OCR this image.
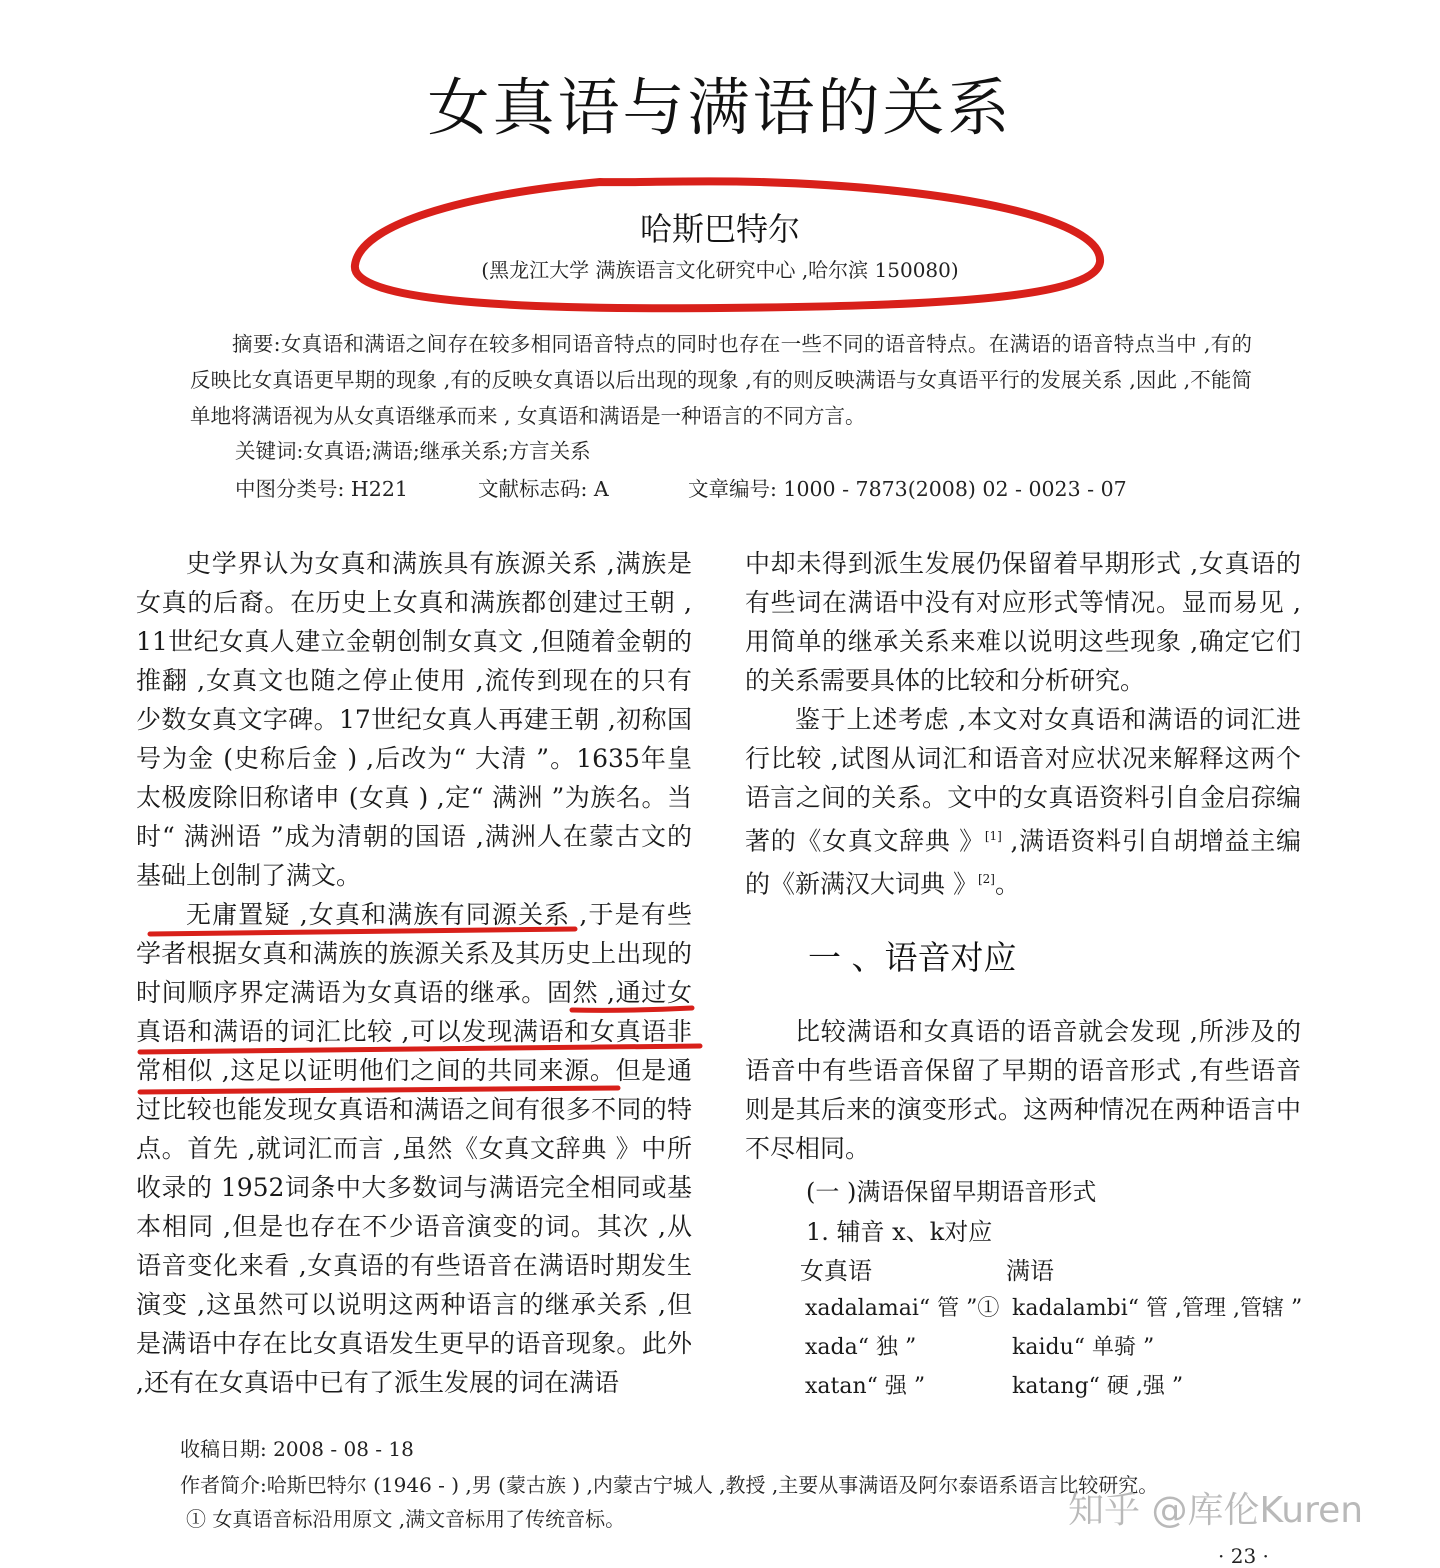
女真语与满语的关系
哈斯巴特尔
(黑龙江大学 满族语言文化研究中心 ,哈尔滨 150080)

摘要:女真语和满语之间存在较多相同语音特点的同时也存在一些不同的语音特点。在满语的语音特点当中 ,有的反映比女真语更早期的现象 ,有的反映女真语以后出现的现象 ,有的则反映满语与女真语平行的发展关系 ,因此 ,不能简单地将满语视为从女真语继承而来 , 女真语和满语是一种语言的不同方言。

关键词:女真语;满语;继承关系;方言关系
中图分类号: H221	文献标志码: A	文章编号: 1000 - 7873(2008) 02 - 0023 - 07

史学界认为女真和满族具有族源关系 ,满族是女真的后裔。在历史上女真和满族都创建过王朝 , 11世纪女真人建立金朝创制女真文 ,但随着金朝的推翻 ,女真文也随之停止使用 ,流传到现在的只有少数女真文字碑。17世纪女真人再建王朝 ,初称国号为金 (史称后金 ) ,后改为“ 大清 ”。1635年皇太极废除旧称诸申 (女真 ) ,定“ 满洲 ”为族名。当时“ 满洲语 ”成为清朝的国语 ,满洲人在蒙古文的基础上创制了满文。

无庸置疑 ,女真和满族有同源关系 ,于是有些学者根据女真和满族的族源关系及其历史上出现的时间顺序界定满语为女真语的继承。固然 ,通过女真语和满语的词汇比较 ,可以发现满语和女真语非常相似 ,这足以证明他们之间的共同来源。但是通过比较也能发现女真语和满语之间有很多不同的特点。首先 ,就词汇而言 ,虽然《女真文辞典 》中所收录的 1952词条中大多数词与满语完全相同或基本相同 ,但是也存在不少语音演变的词。其次 ,从语音变化来看 ,女真语的有些语音在满语时期发生演变 ,这虽然可以说明这两种语言的继承关系 ,但是满语中存在比女真语发生更早的语音现象。此外 ,还有在女真语中已有了派生发展的词在满语

中却未得到派生发展仍保留着早期形式 ,女真语的有些词在满语中没有对应形式等情况。显而易见 ,用简单的继承关系来难以说明这些现象 ,确定它们的关系需要具体的比较和分析研究。

鉴于上述考虑 ,本文对女真语和满语的词汇进行比较 ,试图从词汇和语音对应状况来解释这两个语言之间的关系。文中的女真语资料引自金启孮编著的《女真文辞典 》[1] ,满语资料引自胡增益主编的《新满汉大词典 》[2]。

一 、语音对应

比较满语和女真语的语音就会发现 ,所涉及的语音中有些语音保留了早期的语音形式 ,有些语音则是其后来的演变形式。这两种情况在两种语言中不尽相同。

(一 )满语保留早期语音形式
1. 辅音 x、k对应
女真语	满语
xadalamai“ 管 ”① kadalambi“ 管 ,管理 ,管辖 ”
xada“ 独 ”	kaidu“ 单骑 ”
xatan“ 强 ”	katang“ 硬 ,强 ”
收稿日期: 2008 - 08 - 18
作者简介:哈斯巴特尔 (1946 - ) ,男 (蒙古族 ) ,内蒙古宁城人 ,教授 ,主要从事满语及阿尔泰语系语言比较研究。
① 女真语音标沿用原文 ,满文音标用了传统音标。	知乎 @库伦Kuren
· 23 ·
